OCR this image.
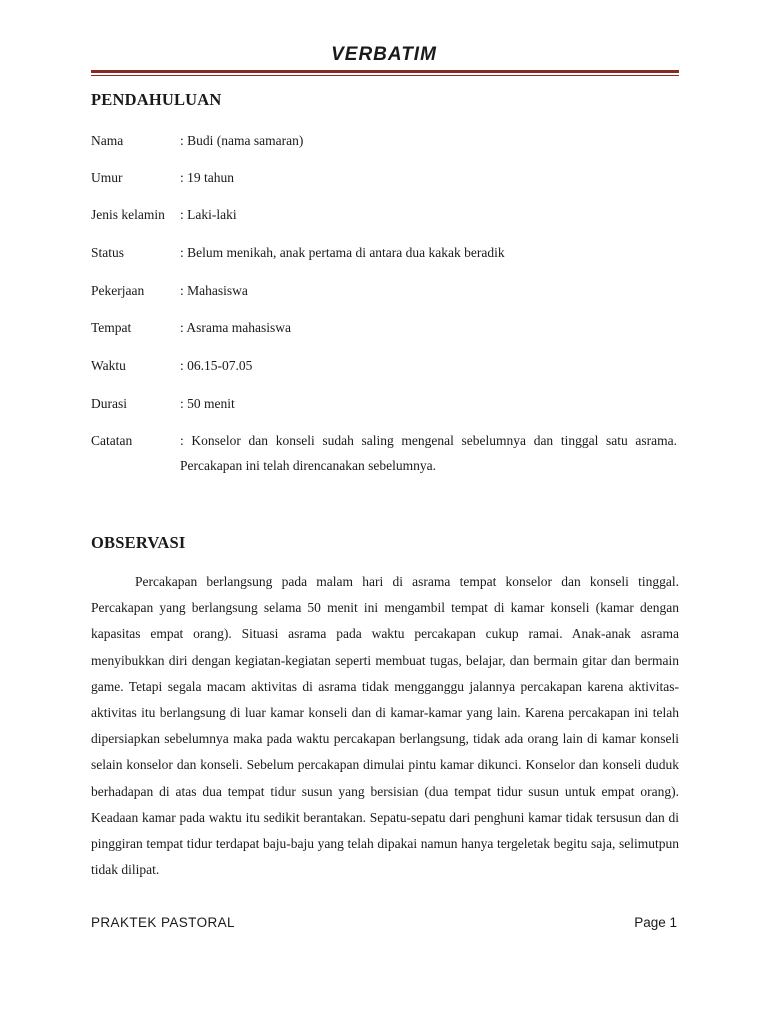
VERBATIM
PENDAHULUAN
Nama	: Budi (nama samaran)
Umur	: 19 tahun
Jenis kelamin : Laki-laki
Status	: Belum menikah, anak pertama di antara dua kakak beradik
Pekerjaan	: Mahasiswa
Tempat	: Asrama mahasiswa
Waktu	: 06.15-07.05
Durasi	: 50 menit
Catatan	: Konselor dan konseli sudah saling mengenal sebelumnya dan tinggal satu asrama. Percakapan ini telah direncanakan sebelumnya.
OBSERVASI

Percakapan berlangsung pada malam hari di asrama tempat konselor dan konseli tinggal. Percakapan yang berlangsung selama 50 menit ini mengambil tempat di kamar konseli (kamar dengan kapasitas empat orang). Situasi asrama pada waktu percakapan cukup ramai. Anak-anak asrama menyibukkan diri dengan kegiatan-kegiatan seperti membuat tugas, belajar, dan bermain gitar dan bermain game. Tetapi segala macam aktivitas di asrama tidak mengganggu jalannya percakapan karena aktivitas-aktivitas itu berlangsung di luar kamar konseli dan di kamar-kamar yang lain. Karena percakapan ini telah dipersiapkan sebelumnya maka pada waktu percakapan berlangsung, tidak ada orang lain di kamar konseli selain konselor dan konseli. Sebelum percakapan dimulai pintu kamar dikunci. Konselor dan konseli duduk berhadapan di atas dua tempat tidur susun yang bersisian (dua tempat tidur susun untuk empat orang). Keadaan kamar pada waktu itu sedikit berantakan. Sepatu-sepatu dari penghuni kamar tidak tersusun dan di pinggiran tempat tidur terdapat baju-baju yang telah dipakai namun hanya tergeletak begitu saja, selimutpun tidak dilipat.

PRAKTEK PASTORAL	Page 1
